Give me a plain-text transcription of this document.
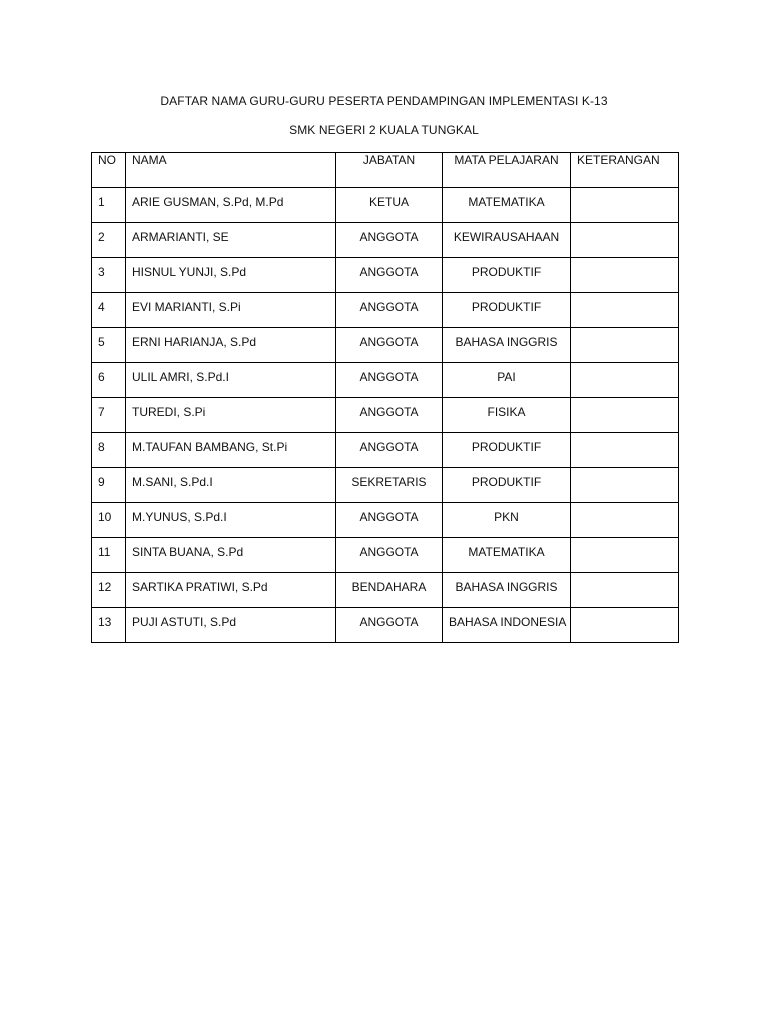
DAFTAR NAMA GURU-GURU PESERTA PENDAMPINGAN IMPLEMENTASI K-13
SMK NEGERI 2 KUALA TUNGKAL
NO	NAMA	JABATAN	MATA PELAJARAN	KETERANGAN
1	ARIE GUSMAN, S.Pd, M.Pd	KETUA	MATEMATIKA	
2	ARMARIANTI, SE	ANGGOTA	KEWIRAUSAHAAN	
3	HISNUL YUNJI, S.Pd	ANGGOTA	PRODUKTIF	
4	EVI MARIANTI, S.Pi	ANGGOTA	PRODUKTIF	
5	ERNI HARIANJA, S.Pd	ANGGOTA	BAHASA INGGRIS	
6	ULIL AMRI, S.Pd.I	ANGGOTA	PAI	
7	TUREDI, S.Pi	ANGGOTA	FISIKA	
8	M.TAUFAN BAMBANG, St.Pi	ANGGOTA	PRODUKTIF	
9	M.SANI, S.Pd.I	SEKRETARIS	PRODUKTIF	
10	M.YUNUS, S.Pd.I	ANGGOTA	PKN	
11	SINTA BUANA, S.Pd	ANGGOTA	MATEMATIKA	
12	SARTIKA PRATIWI, S.Pd	BENDAHARA	BAHASA INGGRIS	
13	PUJI ASTUTI, S.Pd	ANGGOTA	BAHASA INDONESIA	
